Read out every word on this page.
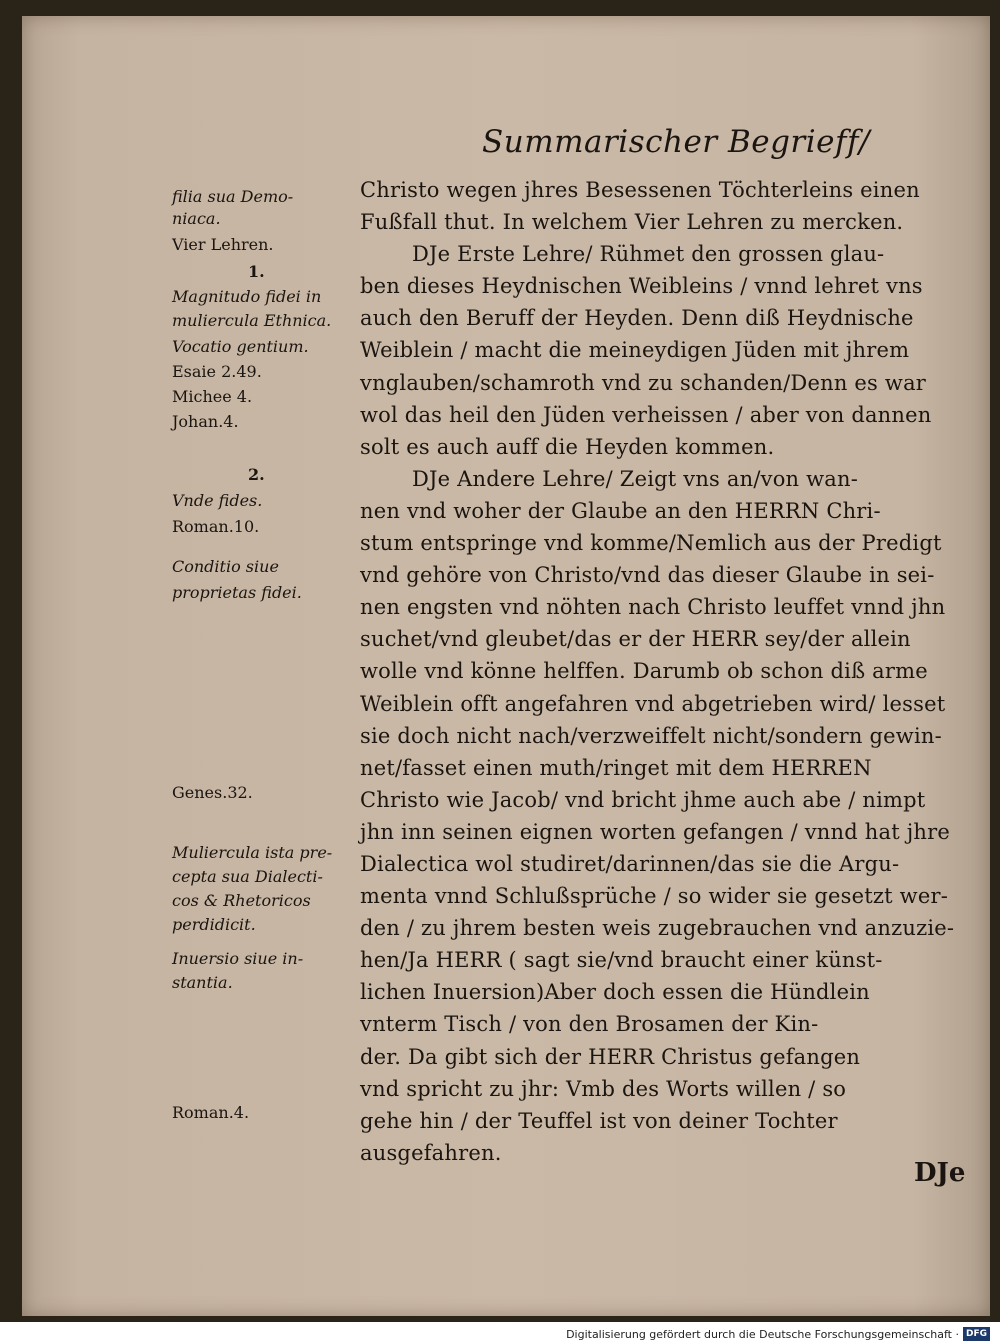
Summarischer Begrieff/
filia sua Demo-
niaca.
Vier Lehren.
1.
Magnitudo fidei in
muliercula Ethnica.
Vocatio gentium.
Esaie 2.49.
Michee 4.
Johan.4.
2.
Vnde fides.
Roman.10.
Conditio siue
proprietas fidei.
Genes.32.
Muliercula ista pre-
cepta sua Dialecti-
cos & Rhetoricos
perdidicit.
Inuersio siue in-
stantia.
Roman.4.
Christo wegen jhres Besessenen Töchterleins einen
Fußfall thut. In welchem Vier Lehren zu mercken.
DJe Erste Lehre/ Rühmet den grossen glau-
ben dieses Heydnischen Weibleins / vnnd lehret vns
auch den Beruff der Heyden. Denn diß Heydnische
Weiblein / macht die meineydigen Jüden mit jhrem
vnglauben/schamroth vnd zu schanden/Denn es war
wol das heil den Jüden verheissen / aber von dannen
solt es auch auff die Heyden kommen.
DJe Andere Lehre/ Zeigt vns an/von wan-
nen vnd woher der Glaube an den HERRN Chri-
stum entspringe vnd komme/Nemlich aus der Predigt
vnd gehöre von Christo/vnd das dieser Glaube in sei-
nen engsten vnd nöhten nach Christo leuffet vnnd jhn
suchet/vnd gleubet/das er der HERR sey/der allein
wolle vnd könne helffen. Darumb ob schon diß arme
Weiblein offt angefahren vnd abgetrieben wird/ lesset
sie doch nicht nach/verzweiffelt nicht/sondern gewin-
net/fasset einen muth/ringet mit dem HERREN
Christo wie Jacob/ vnd bricht jhme auch abe / nimpt
jhn inn seinen eignen worten gefangen / vnnd hat jhre
Dialectica wol studiret/darinnen/das sie die Argu-
menta vnnd Schlußsprüche / so wider sie gesetzt wer-
den / zu jhrem besten weis zugebrauchen vnd anzuzie-
hen/Ja HERR ( sagt sie/vnd braucht einer künst-
lichen Inuersion)Aber doch essen die Hündlein
vnterm Tisch / von den Brosamen der Kin-
der. Da gibt sich der HERR Christus gefangen
vnd spricht zu jhr: Vmb des Worts willen / so
gehe hin / der Teuffel ist von deiner Tochter
ausgefahren.
DJe
Digitalisierung gefördert durch die Deutsche Forschungsgemeinschaft · DFG
